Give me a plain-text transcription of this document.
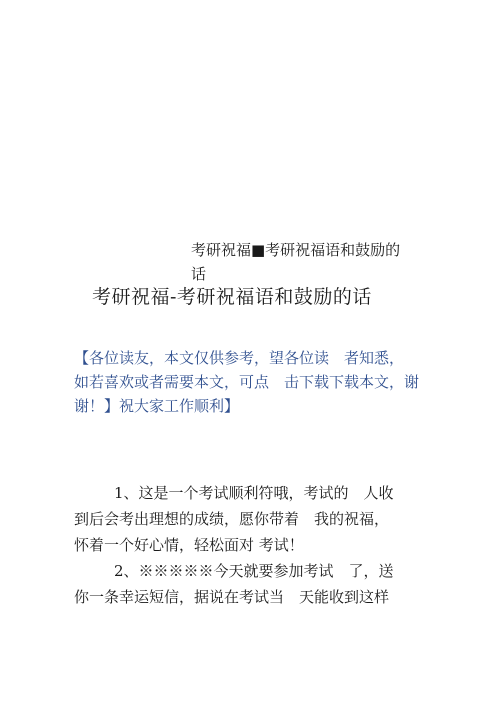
考研祝福■考研祝福语和鼓励的
话
考研祝福-考研祝福语和鼓励的话
【各位读友，本文仅供参考，望各位读　者知悉，
如若喜欢或者需要本文，可点　击下载下载本文，谢
谢！】祝大家工作顺利】
1、这是一个考试顺利符哦，考试的　人收
到后会考出理想的成绩，愿你带着　我的祝福，
怀着一个好心情，轻松面对 考试！
2、※※※※※今天就要参加考试　了，送
你一条幸运短信，据说在考试当　天能收到这样
